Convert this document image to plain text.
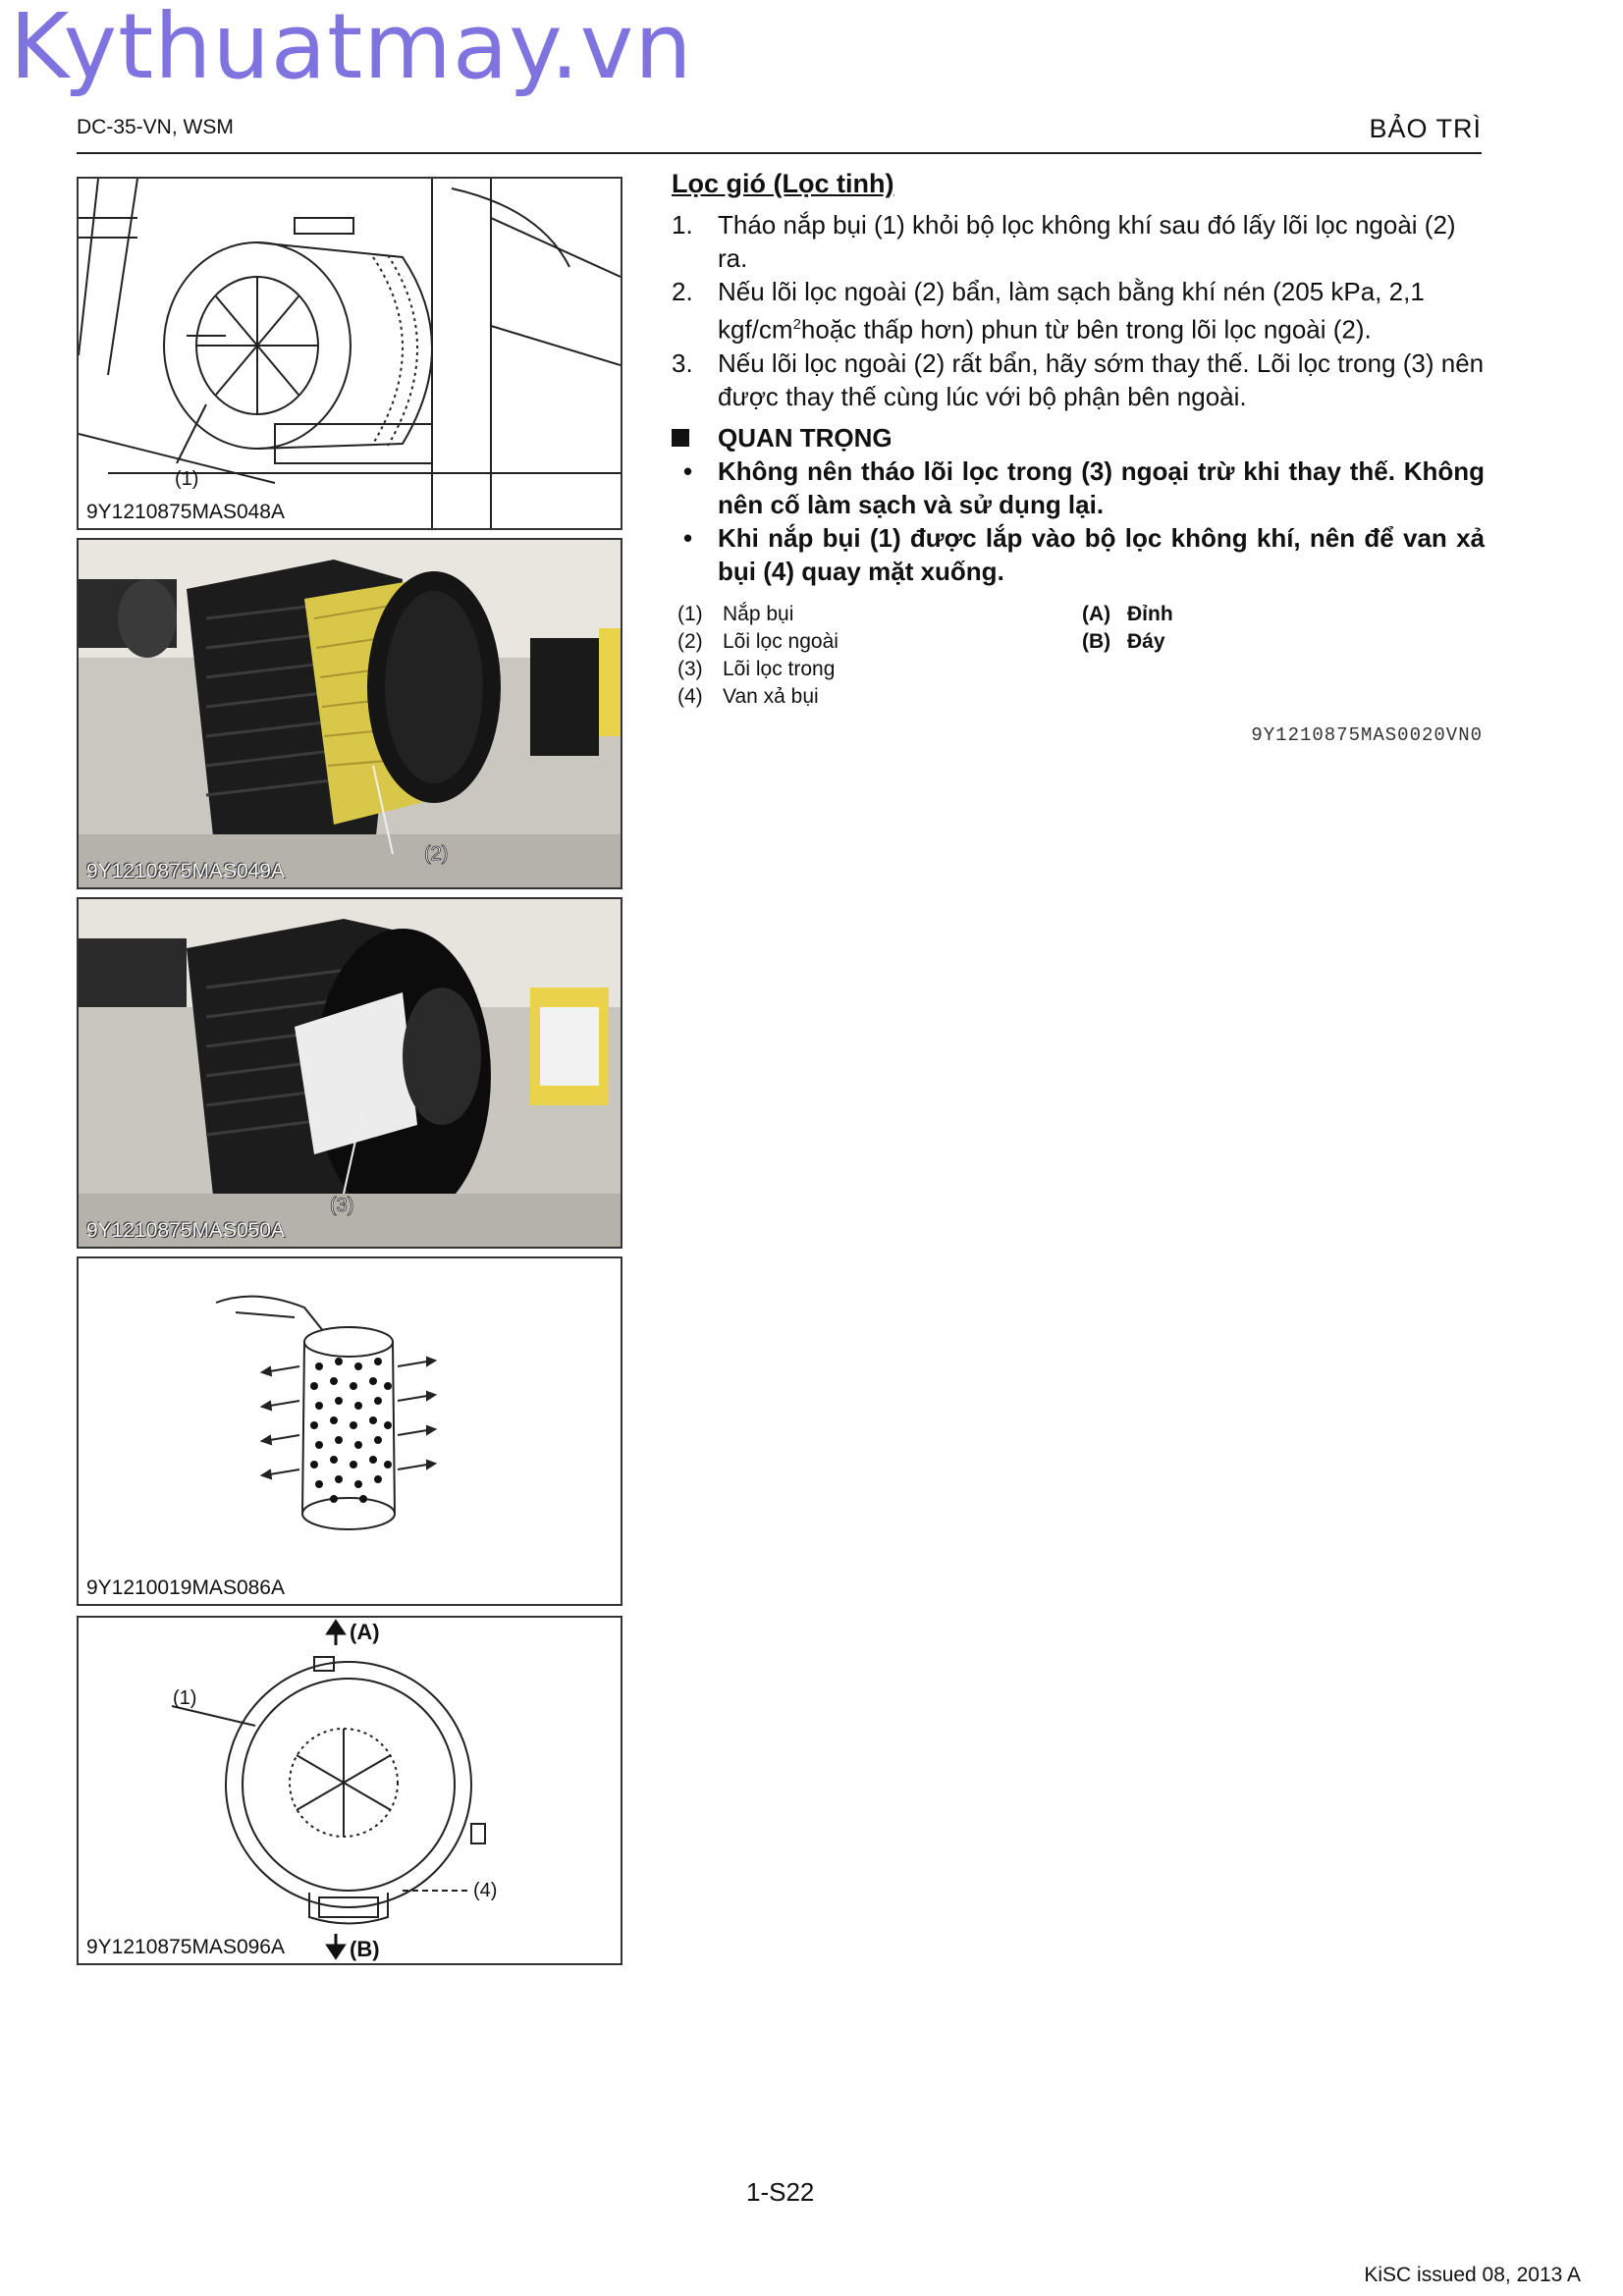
Kythuatmay.vn
DC-35-VN, WSM	BẢO TRÌ
(1)
9Y1210875MAS048A
(2)
9Y1210875MAS049A
(3)
9Y1210875MAS050A
9Y1210019MAS086A
(A)
(1)
(4)
(B)
9Y1210875MAS096A
Lọc gió (Lọc tinh)
1. Tháo nắp bụi (1) khỏi bộ lọc không khí sau đó lấy lõi lọc ngoài (2) ra.
2. Nếu lõi lọc ngoài (2) bẩn, làm sạch bằng khí nén (205 kPa, 2,1 kgf/$cm^2hoặc$ thấp hơn) phun từ bên trong lõi lọc ngoài (2).
3. Nếu lõi lọc ngoài (2) rất bẩn, hãy sớm thay thế. Lõi lọc trong (3) nên được thay thế cùng lúc với bộ phận bên ngoài.
QUAN TRỌNG
• Không nên tháo lõi lọc trong (3) ngoại trừ khi thay thế. Không nên cố làm sạch và sử dụng lại.
• Khi nắp bụi (1) được lắp vào bộ lọc không khí, nên để van xả bụi (4) quay mặt xuống.
(1) Nắp bụi
(2) Lõi lọc ngoài
(3) Lõi lọc trong
(4) Van xả bụi
(A) Đỉnh
(B) Đáy
9Y1210875MAS0020VN0
1-S22
KiSC issued 08, 2013 A
